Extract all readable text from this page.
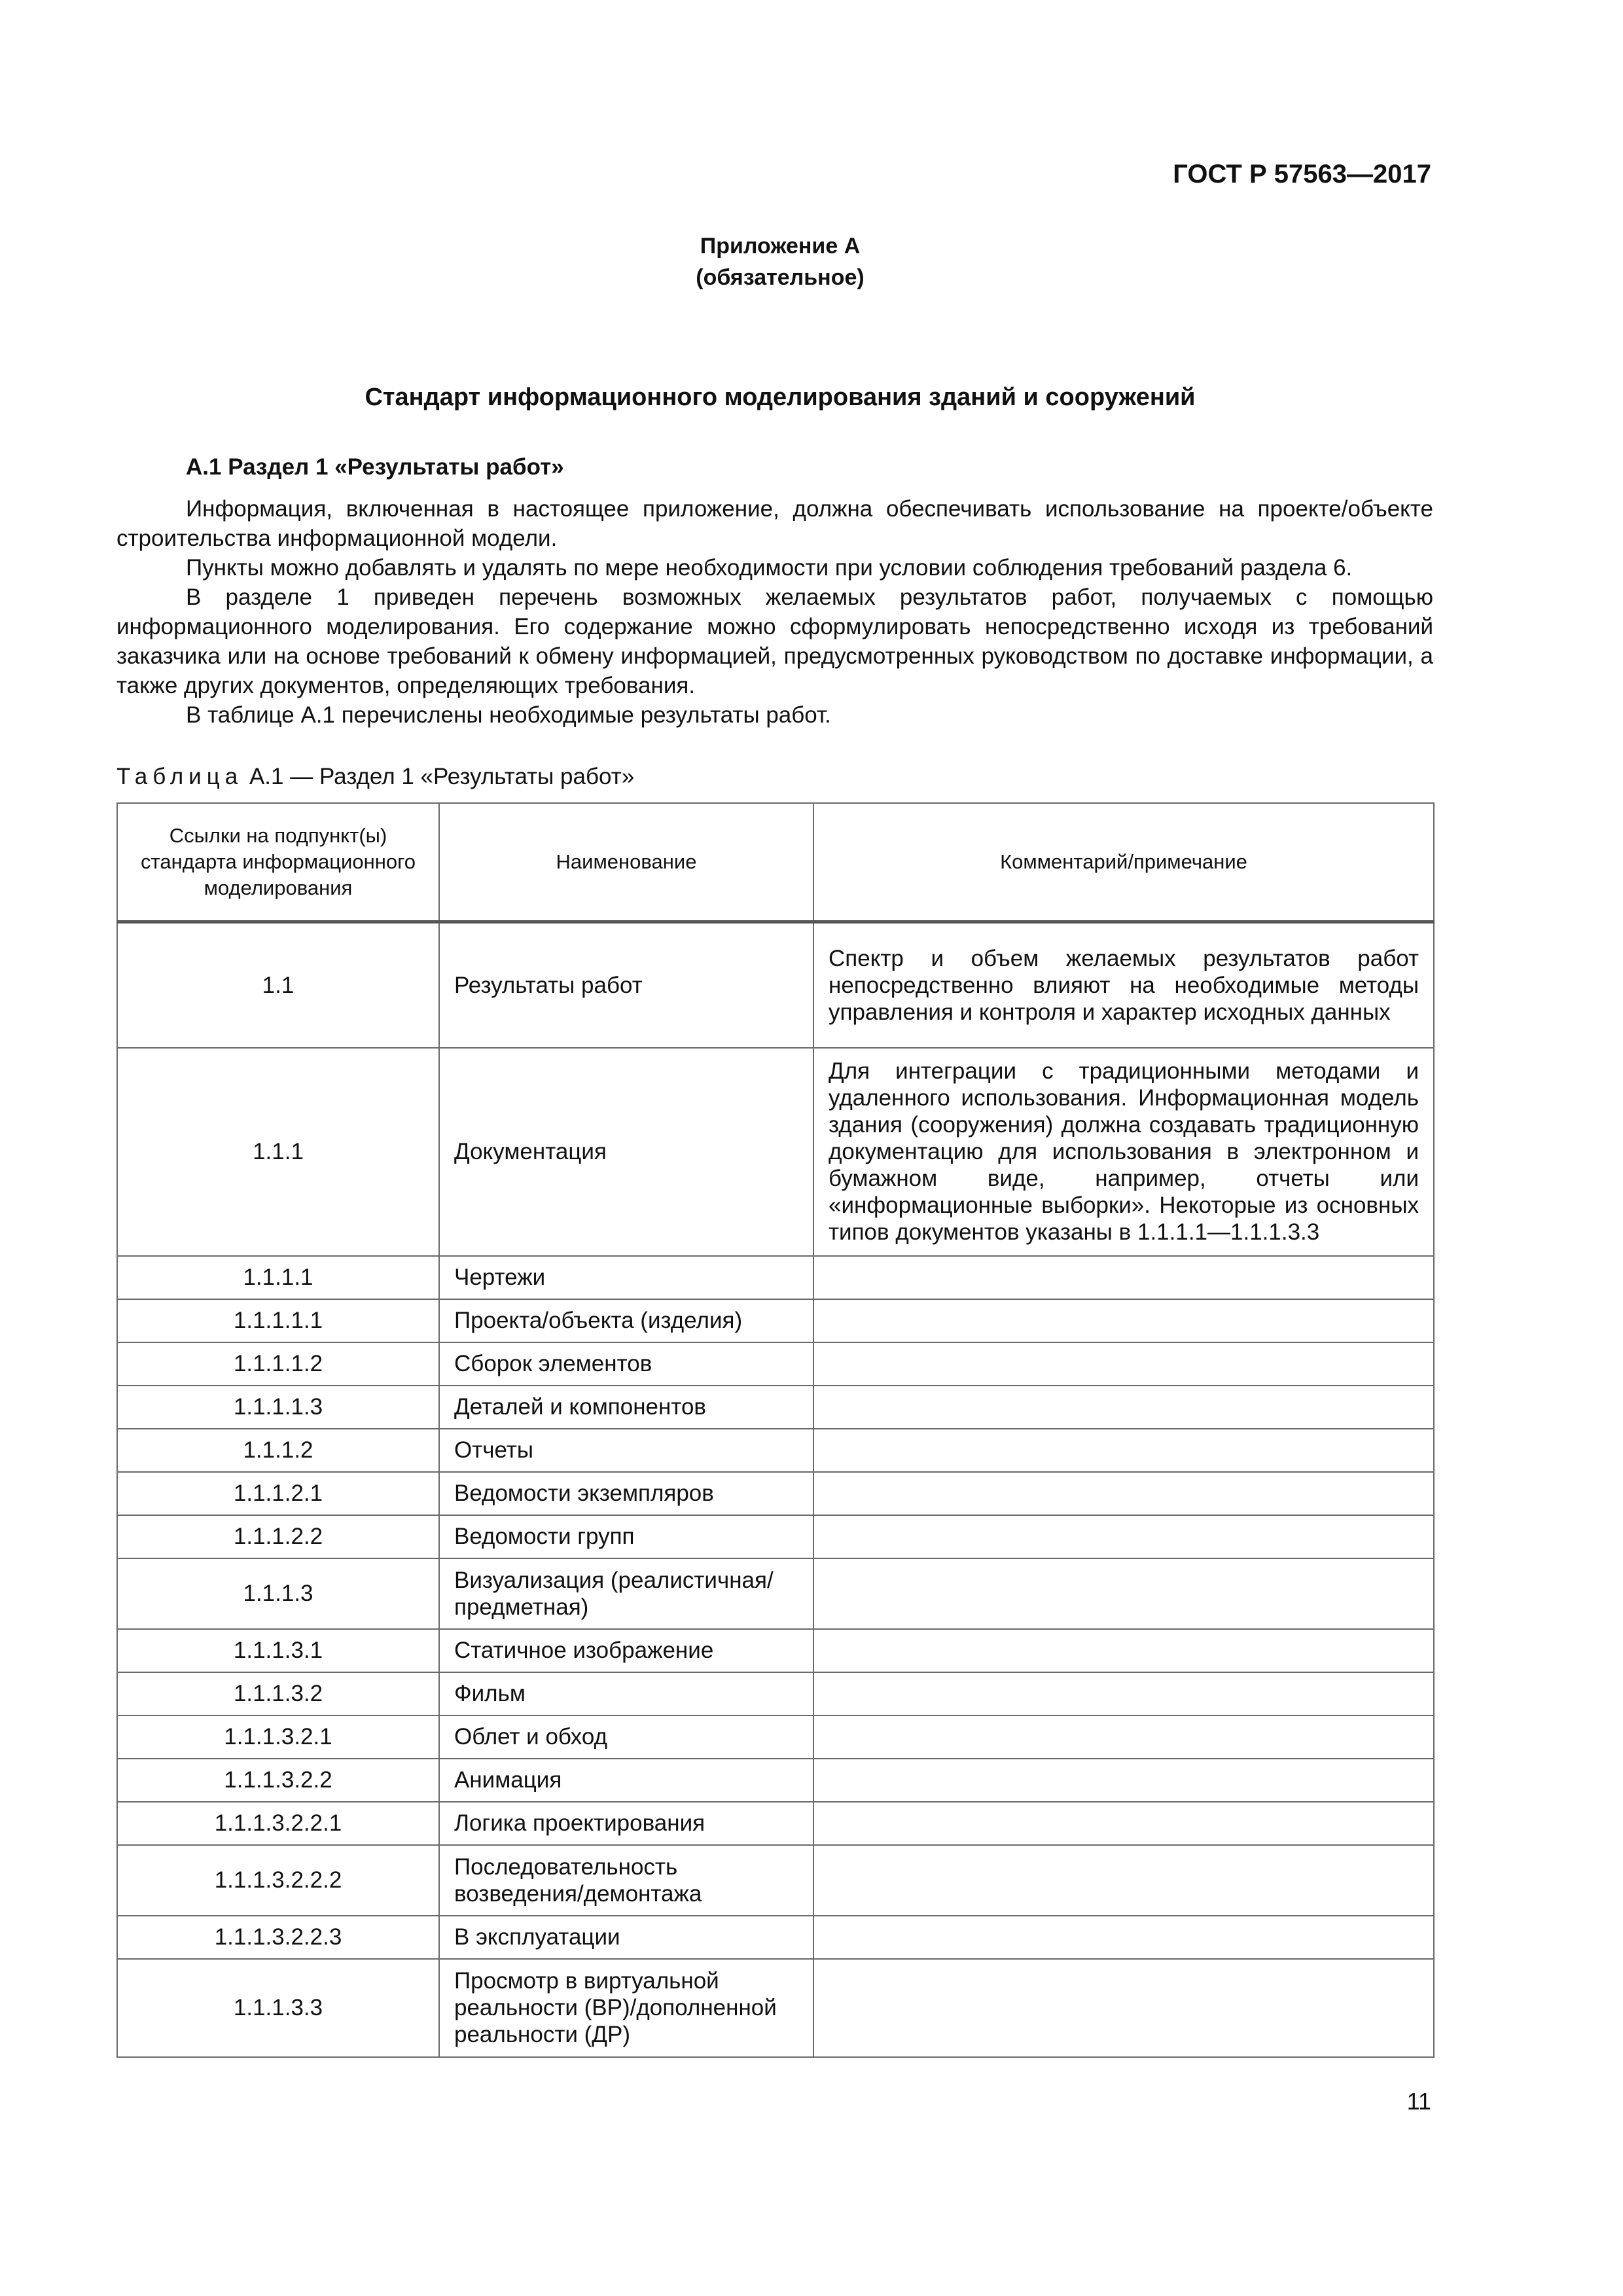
ГОСТ Р 57563—2017
Приложение А
(обязательное)
Стандарт информационного моделирования зданий и сооружений
А.1 Раздел 1 «Результаты работ»

Информация, включенная в настоящее приложение, должна обеспечивать использование на проекте/объекте строительства информационной модели.

Пункты можно добавлять и удалять по мере необходимости при условии соблюдения требований раздела 6.

В разделе 1 приведен перечень возможных желаемых результатов работ, получаемых с помощью информационного моделирования. Его содержание можно сформулировать непосредственно исходя из требований заказчика или на основе требований к обмену информацией, предусмотренных руководством по доставке информации, а также других документов, определяющих требования.

В таблице А.1 перечислены необходимые результаты работ.

Таблица А.1 — Раздел 1 «Результаты работ»
Ссылки на подпункт(ы) стандарта информационного моделирования	Наименование	Комментарий/примечание
1.1	Результаты работ	Спектр и объем желаемых результатов работ непосредственно влияют на необходимые методы управления и контроля и характер исходных данных
1.1.1	Документация	Для интеграции с традиционными методами и удаленного использования. Информационная модель здания (сооружения) должна создавать традиционную документацию для использования в электронном и бумажном виде, например, отчеты или «информационные выборки». Некоторые из основных типов документов указаны в 1.1.1.1—1.1.1.3.3
1.1.1.1	Чертежи	
1.1.1.1.1	Проекта/объекта (изделия)	
1.1.1.1.2	Сборок элементов	
1.1.1.1.3	Деталей и компонентов	
1.1.1.2	Отчеты	
1.1.1.2.1	Ведомости экземпляров	
1.1.1.2.2	Ведомости групп	
1.1.1.3	Визуализация (реалистичная/ предметная)	
1.1.1.3.1	Статичное изображение	
1.1.1.3.2	Фильм	
1.1.1.3.2.1	Облет и обход	
1.1.1.3.2.2	Анимация	
1.1.1.3.2.2.1	Логика проектирования	
1.1.1.3.2.2.2	Последовательность возведения/демонтажа	
1.1.1.3.2.2.3	В эксплуатации	
1.1.1.3.3	Просмотр в виртуальной реальности (ВР)/дополненной реальности (ДР)	
11
